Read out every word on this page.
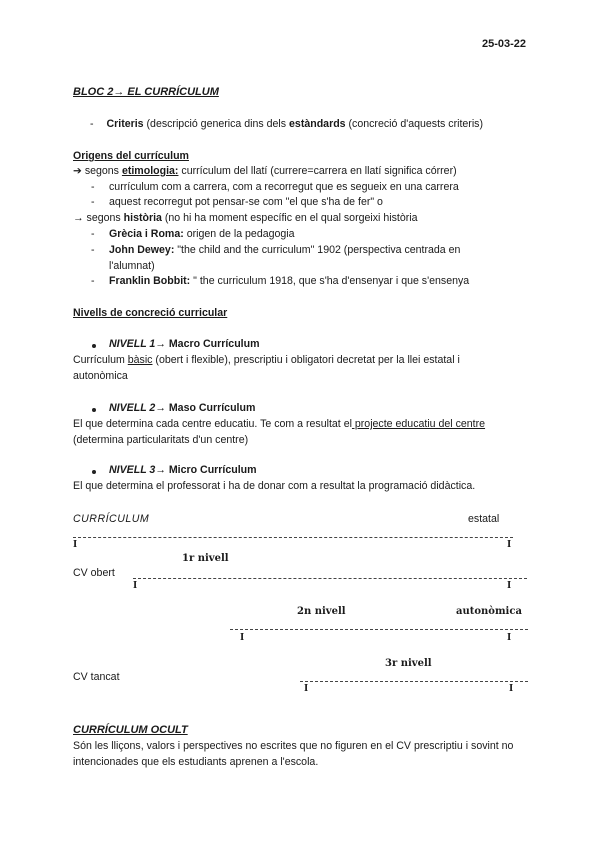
25-03-22
BLOC 2→ EL CURRÍCULUM
- Criteris (descripció generica dins dels estàndards (concreció d'aquests criteris)
Origens del currículum
➔ segons etimologia: currículum del llatí (currere=carrera en llatí significa córrer)
- currículum com a carrera, com a recorregut que es segueix en una carrera
- aquest recorregut pot pensar-se com "el que s'ha de fer" o
→ segons història (no hi ha moment específic en el qual sorgeixi història
- Grècia i Roma: origen de la pedagogia
- John Dewey: "the child and the curriculum" 1902 (perspectiva centrada en
l'alumnat)
- Franklin Bobbit: " the curriculum 1918, que s'ha d'ensenyar i que s'ensenya
Nivells de concreció curricular
NIVELL 1→ Macro Currículum
Currículum bàsic (obert i flexible), prescriptiu i obligatori decretat per la llei estatal i
autonòmica
NIVELL 2→ Maso Currículum
El que determina cada centre educatiu. Te com a resultat el projecte educatiu del centre
(determina particularitats d'un centre)
NIVELL 3→ Micro Currículum
El que determina el professorat i ha de donar com a resultat la programació didàctica.
CURRÍCULUM	estatal
I	I
1r nivell
CV obert
I	I
2n nivell	autonòmica
I	I
3r nivell
CV tancat
I	I
CURRÍCULUM OCULT
Són les lliçons, valors i perspectives no escrites que no figuren en el CV prescriptiu i sovint no
intencionades que els estudiants aprenen a l'escola.
